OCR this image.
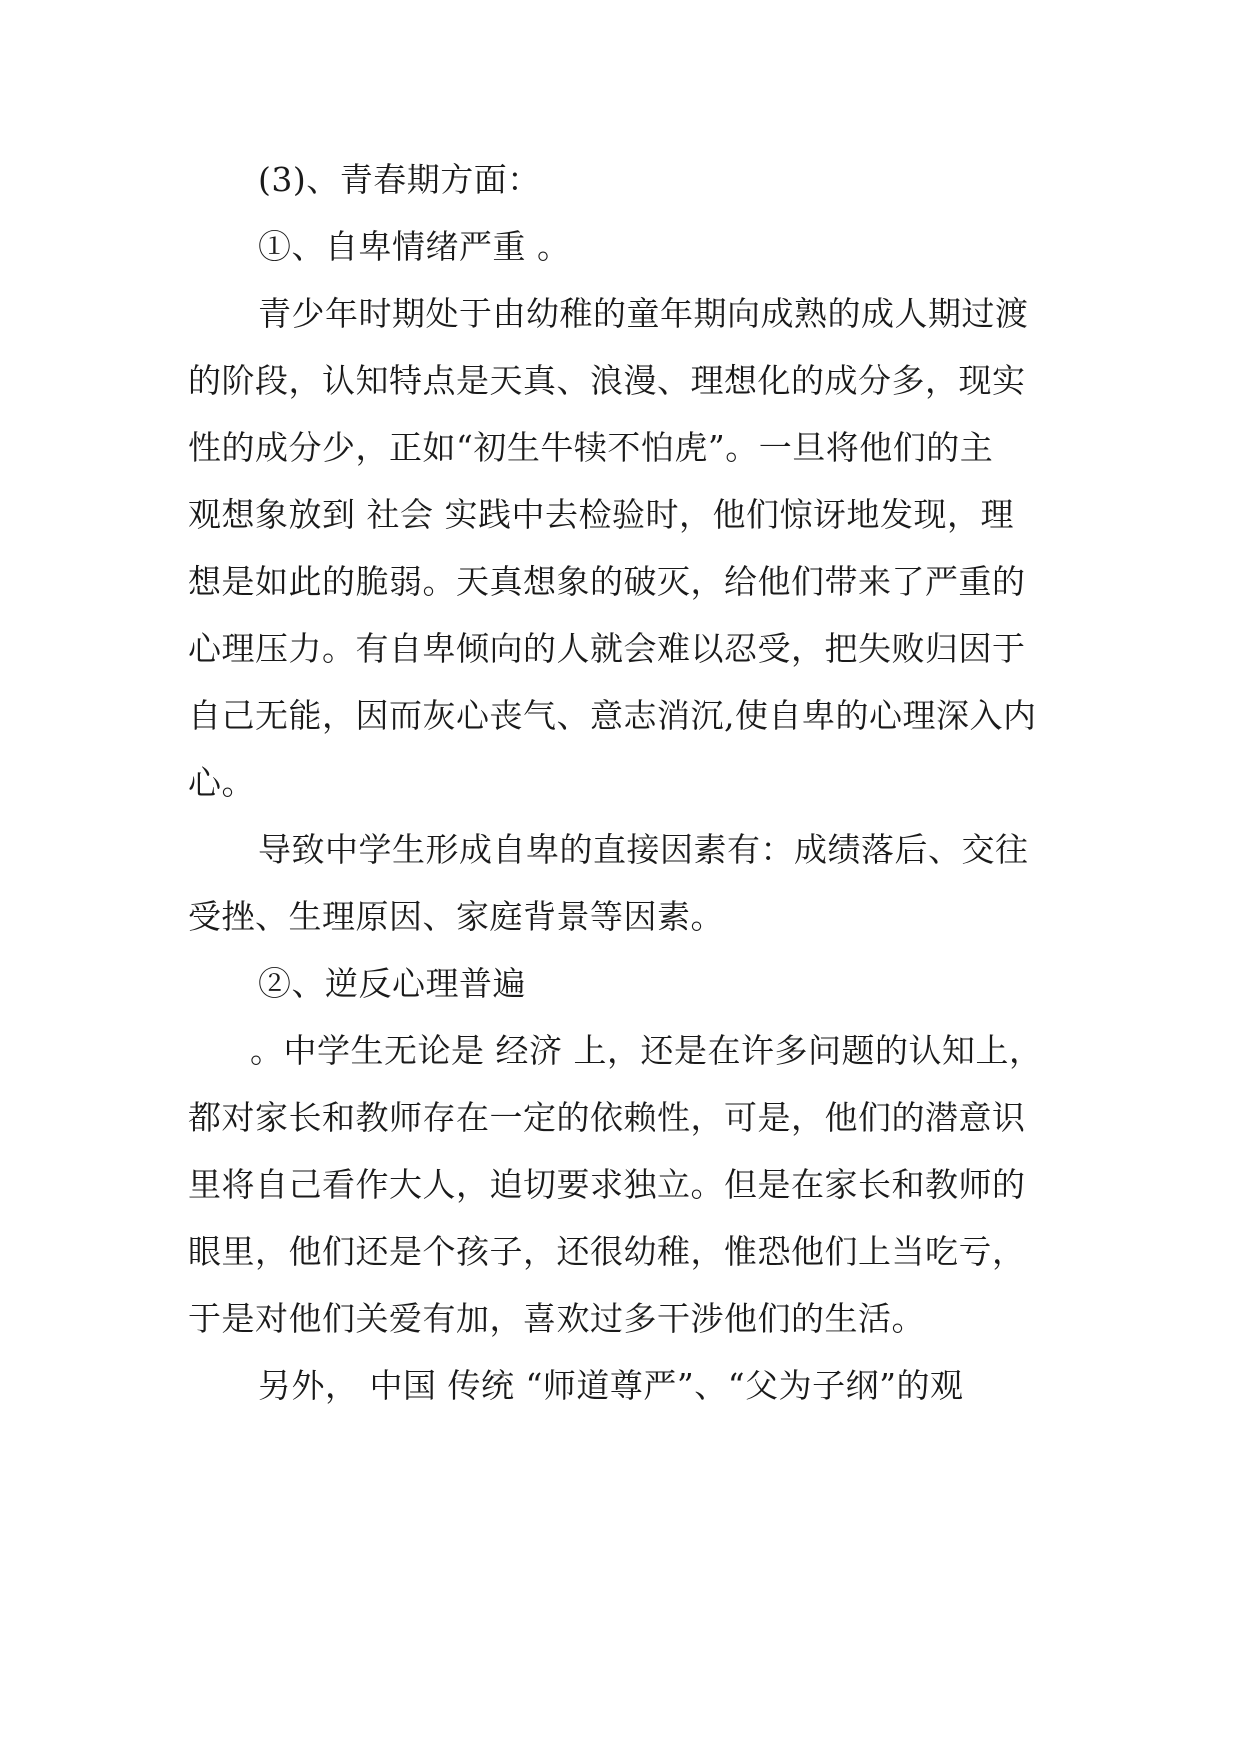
(3)、青春期方面：
①、自卑情绪严重 。
青少年时期处于由幼稚的童年期向成熟的成人期过渡
的阶段，认知特点是天真、浪漫、理想化的成分多，现实
性的成分少，正如“初生牛犊不怕虎”。一旦将他们的主
观想象放到 社会 实践中去检验时，他们惊讶地发现，理
想是如此的脆弱。天真想象的破灭，给他们带来了严重的
心理压力。有自卑倾向的人就会难以忍受，把失败归因于
自己无能，因而灰心丧气、意志消沉,使自卑的心理深入内
心。
导致中学生形成自卑的直接因素有：成绩落后、交往
受挫、生理原因、家庭背景等因素。
②、逆反心理普遍
。中学生无论是 经济 上，还是在许多问题的认知上，
都对家长和教师存在一定的依赖性，可是，他们的潜意识
里将自己看作大人，迫切要求独立。但是在家长和教师的
眼里，他们还是个孩子，还很幼稚，惟恐他们上当吃亏，
于是对他们关爱有加，喜欢过多干涉他们的生活。
另外， 中国 传统 “师道尊严”、“父为子纲”的观
